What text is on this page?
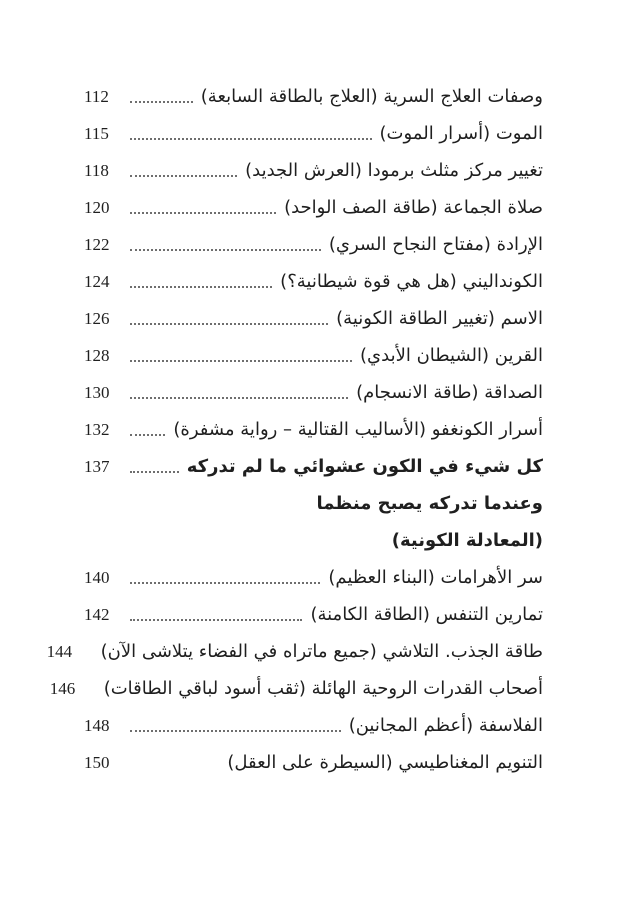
وصفات العلاج السرية (العلاج بالطاقة السابعة)
112
الموت (أسرار الموت)
115
تغيير مركز مثلث برمودا (العرش الجديد)
118
صلاة الجماعة (طاقة الصف الواحد)
120
الإرادة (مفتاح النجاح السري)
122
الكونداليني (هل هي قوة شيطانية؟)
124
الاسم (تغيير الطاقة الكونية)
126
القرين (الشيطان الأبدي)
128
الصداقة (طاقة الانسجام)
130
أسرار الكونغفو (الأساليب القتالية – رواية مشفرة)
132
كل شيء في الكون عشوائي ما لم تدركه
137
وعندما تدركه يصبح منظما
(المعادلة الكونية)
سر الأهرامات (البناء العظيم)
140
تمارين التنفس (الطاقة الكامنة)
142
طاقة الجذب. التلاشي (جميع ماتراه في الفضاء يتلاشى الآن)
144
أصحاب القدرات الروحية الهائلة (ثقب أسود لباقي الطاقات)
146
الفلاسفة (أعظم المجانين)
148
التنويم المغناطيسي (السيطرة على العقل)
150
